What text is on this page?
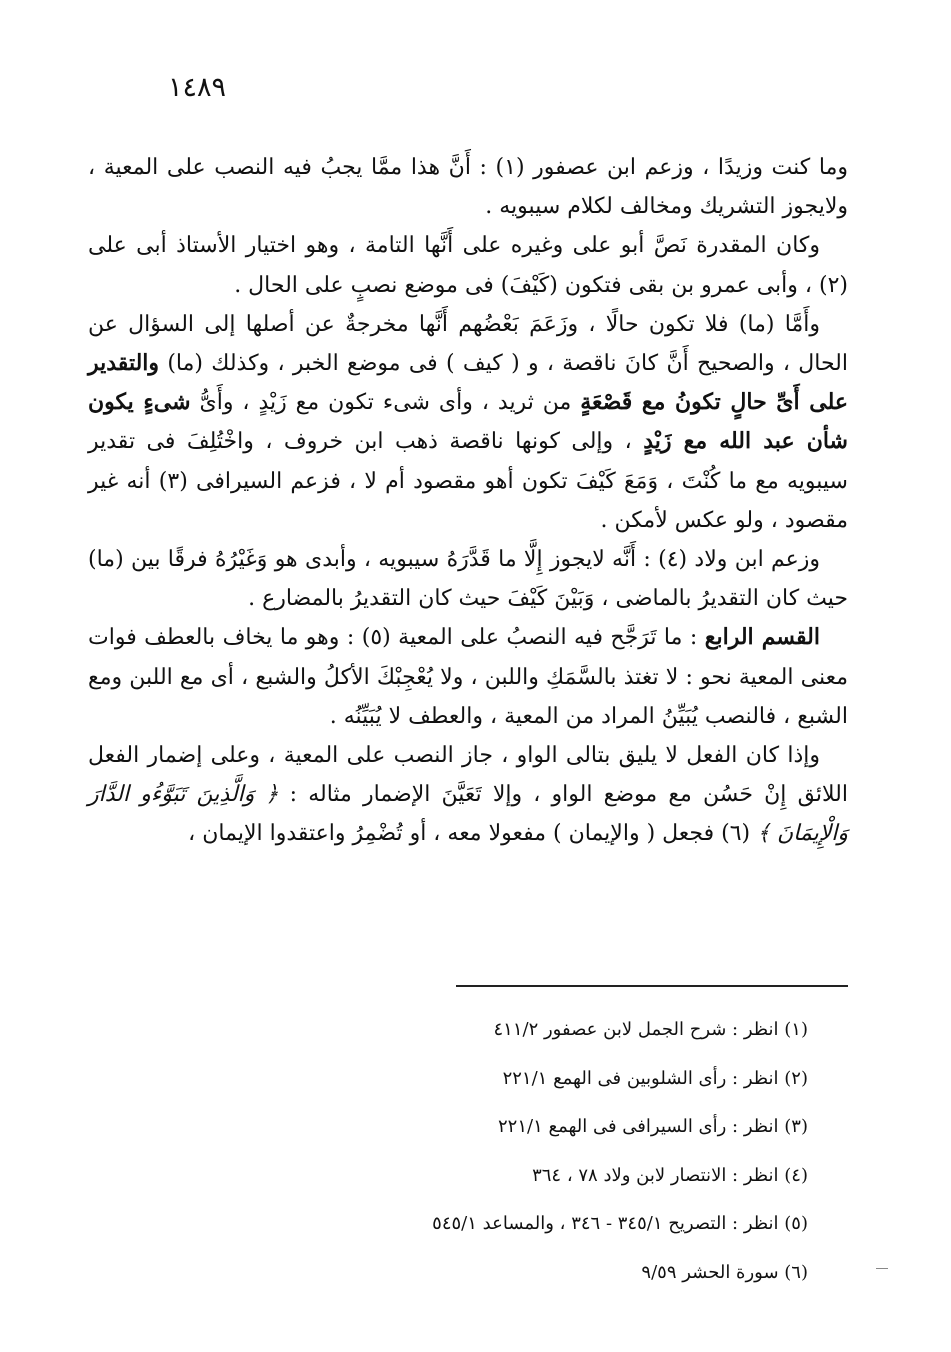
١٤٨٩

وما كنت وزيدًا ، وزعم ابن عصفور (١) : أَنَّ هذا ممَّا يجبُ فيه النصب على المعية ، ولايجوز التشريك ومخالف لكلام سيبويه .

وكان المقدرة نَصَّ أبو على وغيره على أَنَّها التامة ، وهو اختيار الأستاذ أبى على (٢) ، وأبى عمرو بن بقى فتكون (كَيْفَ) فى موضع نصبٍ على الحال .

وأَمَّا (ما) فلا تكون حالًا ، وزَعَمَ بَعْضُهم أَنَّها مخرجةٌ عن أصلها إلى السؤال عن الحال ، والصحيح أَنَّ كانَ ناقصة ، و ( كيف ) فى موضع الخبر ، وكذلك (ما) والتقدير على أَىِّ حالٍ تكونُ مع قَصْعَةٍ من ثريد ، وأى شىء تكون مع زَيْدٍ ، وأَىُّ شىءٍ يكون شأن عبد الله مع زَيْدٍ ، وإلى كونها ناقصة ذهب ابن خروف ، واخْتُلِفَ فى تقدير سيبويه مع ما كُنْتَ ، وَمَعَ كَيْفَ تكون أهو مقصود أم لا ، فزعم السيرافى (٣) أنه غير مقصود ، ولو عكس لأمكن .

وزعم ابن ولاد (٤) : أَنَّه لايجوز إِلَّا ما قَدَّرَهُ سيبويه ، وأبدى هو وَغَيْرُهُ فرقًا بين (ما) حيث كان التقديرُ بالماضى ، وَبَيْنَ كَيْفَ حيث كان التقديرُ بالمضارع .

القسم الرابع : ما تَرَجَّح فيه النصبُ على المعية (٥) : وهو ما يخاف بالعطف فوات معنى المعية نحو : لا تغتذ بالسَّمَكِ واللبن ، ولا يُعْجِبْكَ الأكلُ والشبع ، أى مع اللبن ومع الشبع ، فالنصب يُبَيِّنُ المراد من المعية ، والعطف لا يُبَيِّنُه .

وإذا كان الفعل لا يليق بتالى الواو ، جاز النصب على المعية ، وعلى إضمار الفعل اللائق إِنْ حَسُن مع موضع الواو ، وإلا تَعَيَّنَ الإضمار مثاله : ﴿ وَالَّذِينَ تَبَوَّءُو الدَّارَ وَالْإِيمَانَ ﴾ (٦) فجعل ( والإيمان ) مفعولا معه ، أو تُضْمِرُ واعتقدوا الإيمان ،

(١) انظر : شرح الجمل لابن عصفور ٤١١/٢

(٢) انظر : رأى الشلوبين فى الهمع ٢٢١/١

(٣) انظر : رأى السيرافى فى الهمع ٢٢١/١

(٤) انظر : الانتصار لابن ولاد ٧٨ ، ٣٦٤

(٥) انظر : التصريح ٣٤٥/١ - ٣٤٦ ، والمساعد ٥٤٥/١

(٦) سورة الحشر ٩/٥٩
